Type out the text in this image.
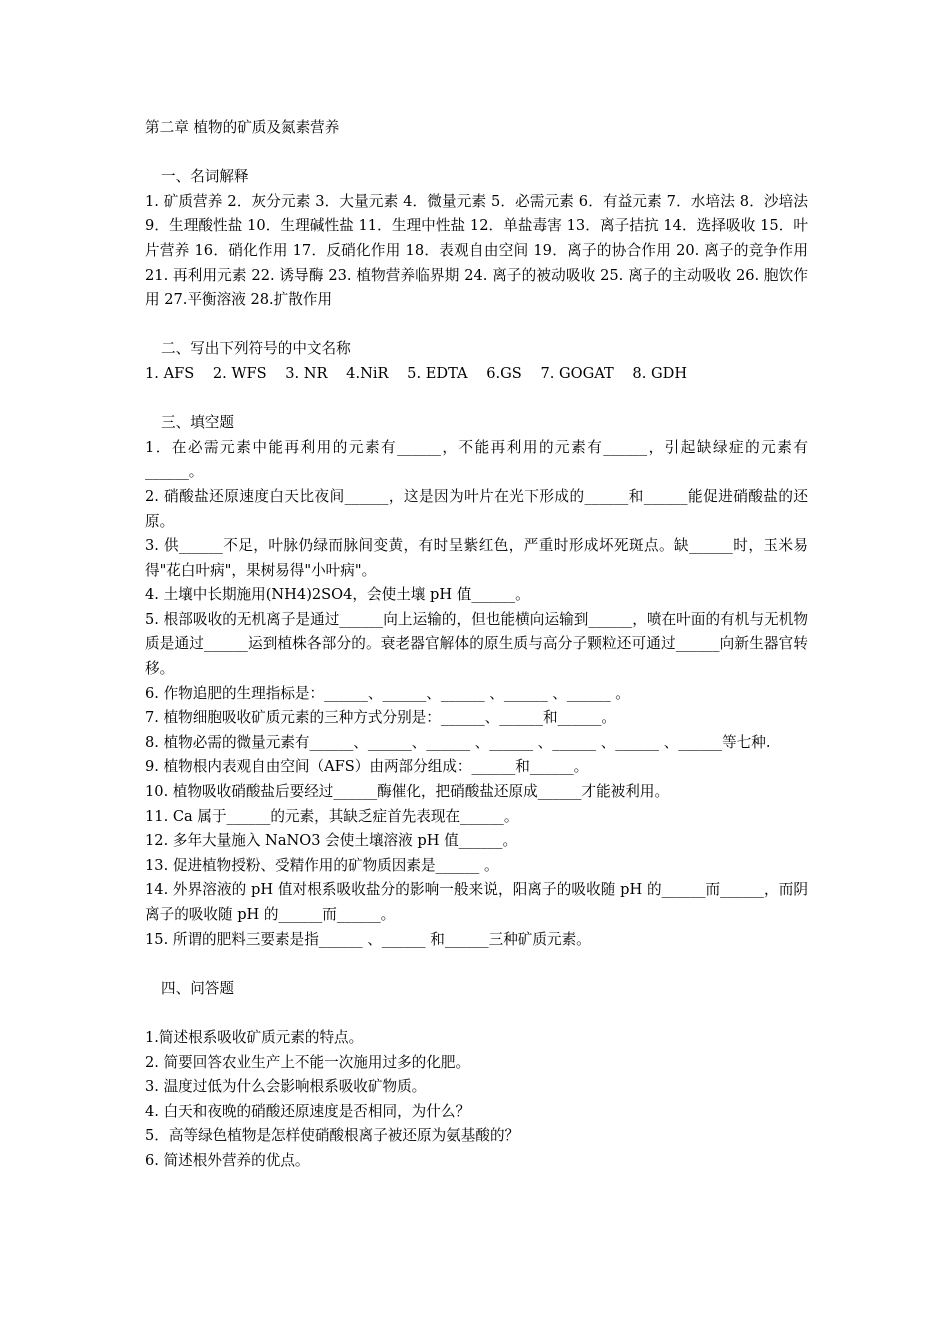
第二章 植物的矿质及氮素营养

一、名词解释

1. 矿质营养 2．灰分元素 3．大量元素 4．微量元素 5．必需元素 6．有益元素 7．水培法 8．沙培法 9．生理酸性盐 10．生理碱性盐 11．生理中性盐 12．单盐毒害 13．离子拮抗 14．选择吸收 15．叶片营养 16．硝化作用 17．反硝化作用 18．表观自由空间 19．离子的协合作用 20. 离子的竞争作用 21. 再利用元素 22. 诱导酶 23. 植物营养临界期 24. 离子的被动吸收 25. 离子的主动吸收 26. 胞饮作用 27.平衡溶液 28.扩散作用

二、写出下列符号的中文名称
1. AFS 2. WFS 3. NR 4.NiR 5. EDTA 6.GS 7. GOGAT 8. GDH
三、填空题

1．在必需元素中能再利用的元素有______，不能再利用的元素有______，引起缺绿症的元素有______。

2. 硝酸盐还原速度白天比夜间______，这是因为叶片在光下形成的______和______能促进硝酸盐的还原。

3. 供______不足，叶脉仍绿而脉间变黄，有时呈紫红色，严重时形成坏死斑点。缺______时，玉米易得"花白叶病"，果树易得"小叶病"。

4. 土壤中长期施用(NH4)2SO4，会使土壤 pH 值______。

5. 根部吸收的无机离子是通过______向上运输的，但也能横向运输到______，喷在叶面的有机与无机物质是通过______运到植株各部分的。衰老器官解体的原生质与高分子颗粒还可通过______向新生器官转移。

6. 作物追肥的生理指标是：______、______、______ 、______ 、______ 。

7. 植物细胞吸收矿质元素的三种方式分别是：______、______和______。

8. 植物必需的微量元素有______、______、______ 、______ 、______ 、______ 、______等七种.

9. 植物根内表观自由空间（AFS）由两部分组成：______和______。

10. 植物吸收硝酸盐后要经过______酶催化，把硝酸盐还原成______才能被利用。

11. Ca 属于______的元素，其缺乏症首先表现在______。

12. 多年大量施入 NaNO3 会使土壤溶液 pH 值______。

13. 促进植物授粉、受精作用的矿物质因素是______ 。

14. 外界溶液的 pH 值对根系吸收盐分的影响一般来说，阳离子的吸收随 pH 的______而______，而阴离子的吸收随 pH 的______而______。

15. 所谓的肥料三要素是指______ 、______ 和______三种矿质元素。

四、问答题

1.简述根系吸收矿质元素的特点。

2. 简要回答农业生产上不能一次施用过多的化肥。

3. 温度过低为什么会影响根系吸收矿物质。

4. 白天和夜晚的硝酸还原速度是否相同，为什么？

5．高等绿色植物是怎样使硝酸根离子被还原为氨基酸的？

6. 简述根外营养的优点。
